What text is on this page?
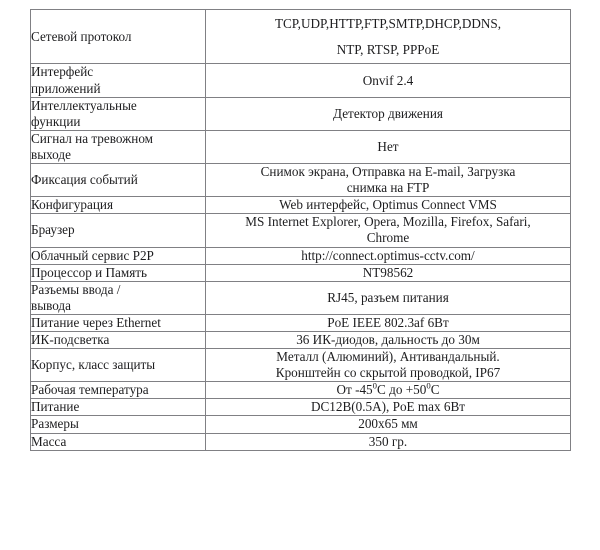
Сетевой протокол	TCP,UDP,HTTP,FTP,SMTP,DHCP,DDNS,
NTP, RTSP, PPPoE
Интерфейс
приложений	Onvif 2.4
Интеллектуальные
функции	Детектор движения
Сигнал на тревожном
выходе	Нет
Фиксация событий	Снимок экрана, Отправка на E-mail, Загрузка
снимка на FTP
Конфигурация	Web интерфейс, Optimus Connect VMS
Браузер	MS Internet Explorer, Opera, Mozilla, Firefox, Safari,
Chrome
Облачный сервис P2P	http://connect.optimus-cctv.com/
Процессор и Память	NT98562
Разъемы ввода /
вывода	RJ45, разъем питания
Питание через Ethernet	PoE IEEE 802.3af 6Вт
ИК-подсветка	36 ИК-диодов, дальность до 30м
Корпус, класс защиты	Металл (Алюминий), Антивандальный.
Кронштейн со скрытой проводкой, IP67
Рабочая температура	От $-45^0С$ до $+50^0С$
Питание	DC12В(0.5А), PoE max 6Вт
Размеры	200x65 мм
Масса	350 гр.
